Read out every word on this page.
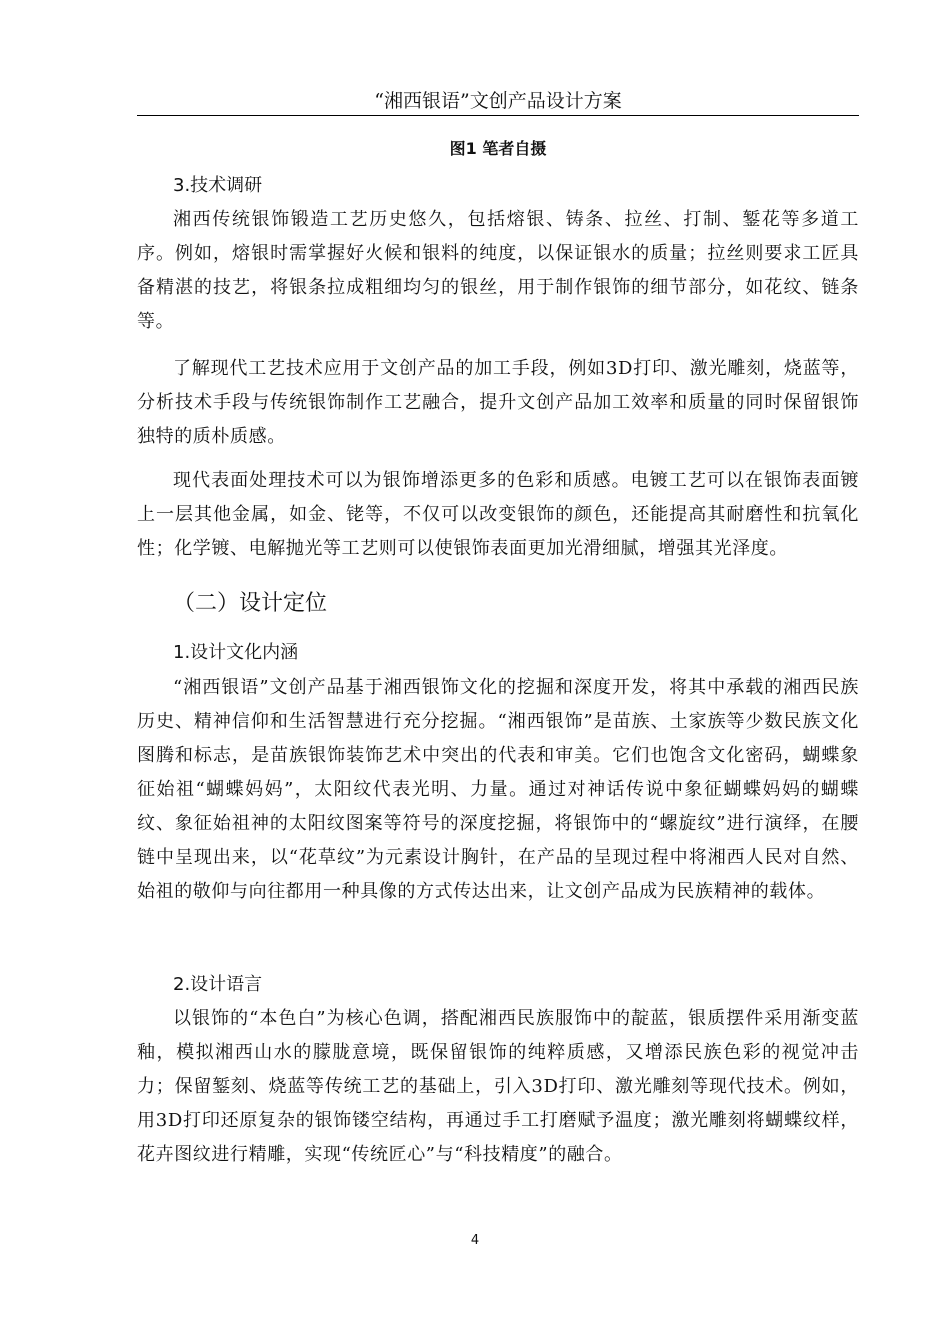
“湘西银语”文创产品设计方案
图1 笔者自摄
3.技术调研

湘西传统银饰锻造工艺历史悠久，包括熔银、铸条、拉丝、打制、錾花等多道工序。例如，熔银时需掌握好火候和银料的纯度，以保证银水的质量；拉丝则要求工匠具备精湛的技艺，将银条拉成粗细均匀的银丝，用于制作银饰的细节部分，如花纹、链条等。

了解现代工艺技术应用于文创产品的加工手段，例如3D打印、激光雕刻，烧蓝等，分析技术手段与传统银饰制作工艺融合，提升文创产品加工效率和质量的同时保留银饰独特的质朴质感。

现代表面处理技术可以为银饰增添更多的色彩和质感。电镀工艺可以在银饰表面镀上一层其他金属，如金、铑等，不仅可以改变银饰的颜色，还能提高其耐磨性和抗氧化性；化学镀、电解抛光等工艺则可以使银饰表面更加光滑细腻，增强其光泽度。

（二）设计定位
1.设计文化内涵

“湘西银语”文创产品基于湘西银饰文化的挖掘和深度开发，将其中承载的湘西民族历史、精神信仰和生活智慧进行充分挖掘。“湘西银饰”是苗族、土家族等少数民族文化图腾和标志，是苗族银饰装饰艺术中突出的代表和审美。它们也饱含文化密码，蝴蝶象征始祖“蝴蝶妈妈”，太阳纹代表光明、力量。通过对神话传说中象征蝴蝶妈妈的蝴蝶纹、象征始祖神的太阳纹图案等符号的深度挖掘，将银饰中的“螺旋纹”进行演绎，在腰链中呈现出来，以“花草纹”为元素设计胸针，在产品的呈现过程中将湘西人民对自然、始祖的敬仰与向往都用一种具像的方式传达出来，让文创产品成为民族精神的载体。

2.设计语言

以银饰的“本色白”为核心色调，搭配湘西民族服饰中的靛蓝，银质摆件采用渐变蓝釉，模拟湘西山水的朦胧意境，既保留银饰的纯粹质感，又增添民族色彩的视觉冲击力；保留錾刻、烧蓝等传统工艺的基础上，引入3D打印、激光雕刻等现代技术。例如，用3D打印还原复杂的银饰镂空结构，再通过手工打磨赋予温度；激光雕刻将蝴蝶纹样，花卉图纹进行精雕，实现“传统匠心”与“科技精度”的融合。

4
